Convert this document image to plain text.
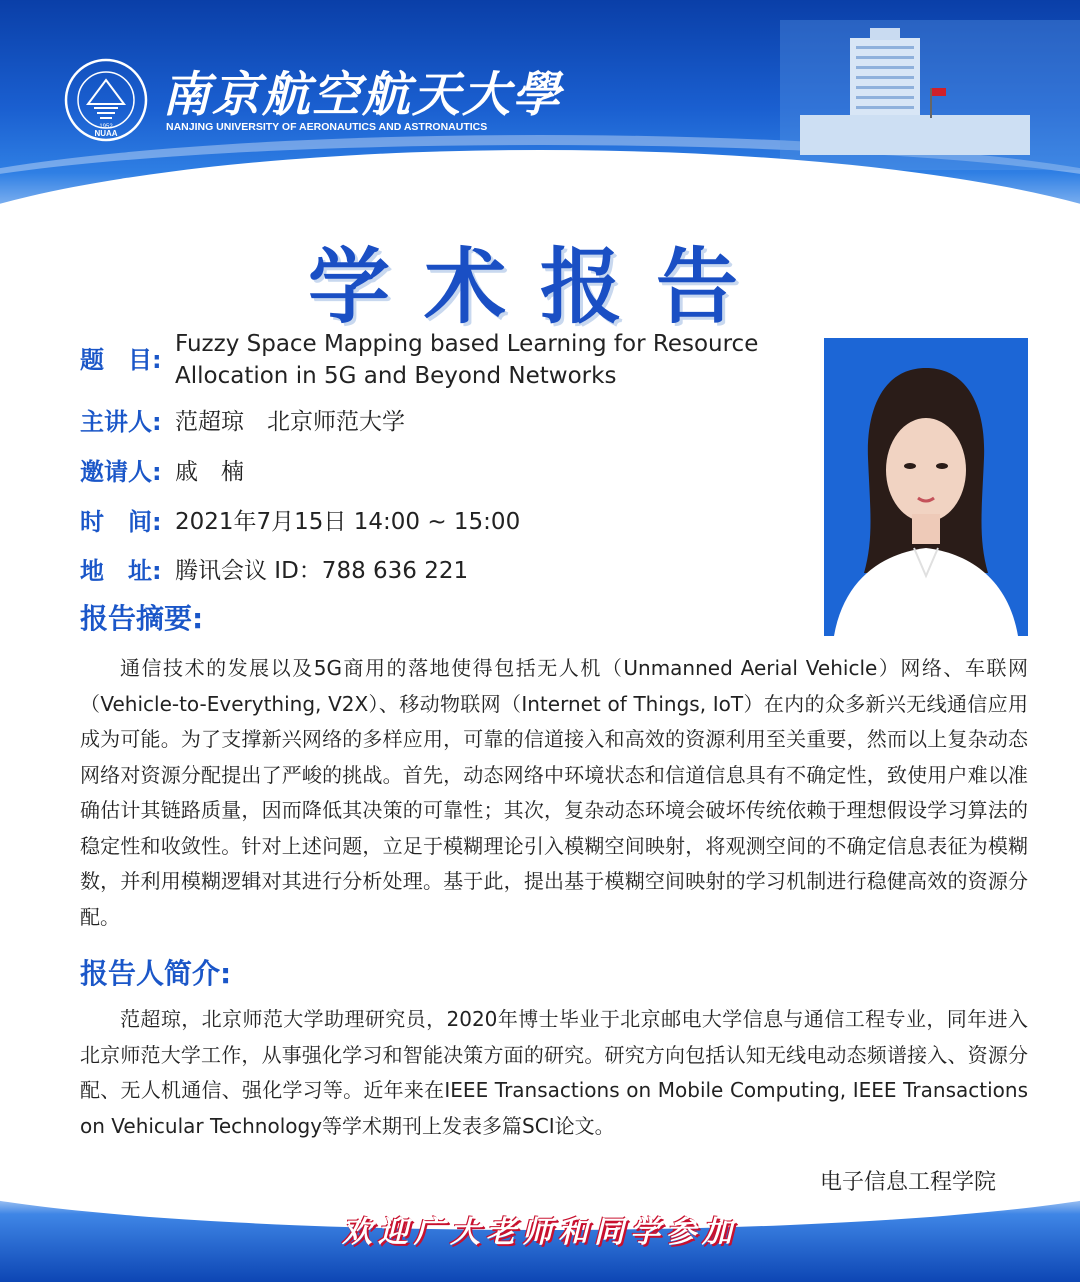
NUAA
1952
南京航空航天大學
NANJING UNIVERSITY OF AERONAUTICS AND ASTRONAUTICS
学术报告
题　目:
Fuzzy Space Mapping based Learning for Resource Allocation in 5G and Beyond Networks
主讲人: 范超琼　北京师范大学
邀请人: 戚　楠
时　间: 2021年7月15日 14:00 ~ 15:00
地　址: 腾讯会议 ID：788 636 221
报告摘要:
通信技术的发展以及5G商用的落地使得包括无人机（Unmanned Aerial Vehicle）网络、车联网（Vehicle-to-Everything, V2X）、移动物联网（Internet of Things, IoT）在内的众多新兴无线通信应用成为可能。为了支撑新兴网络的多样应用，可靠的信道接入和高效的资源利用至关重要，然而以上复杂动态网络对资源分配提出了严峻的挑战。首先，动态网络中环境状态和信道信息具有不确定性，致使用户难以准确估计其链路质量，因而降低其决策的可靠性；其次，复杂动态环境会破坏传统依赖于理想假设学习算法的稳定性和收敛性。针对上述问题，立足于模糊理论引入模糊空间映射，将观测空间的不确定信息表征为模糊数，并利用模糊逻辑对其进行分析处理。基于此，提出基于模糊空间映射的学习机制进行稳健高效的资源分配。
报告人简介:
范超琼，北京师范大学助理研究员，2020年博士毕业于北京邮电大学信息与通信工程专业，同年进入北京师范大学工作，从事强化学习和智能决策方面的研究。研究方向包括认知无线电动态频谱接入、资源分配、无人机通信、强化学习等。近年来在IEEE Transactions on Mobile Computing, IEEE Transactions on Vehicular Technology等学术期刊上发表多篇SCI论文。
电子信息工程学院
欢迎广大老师和同学参加
